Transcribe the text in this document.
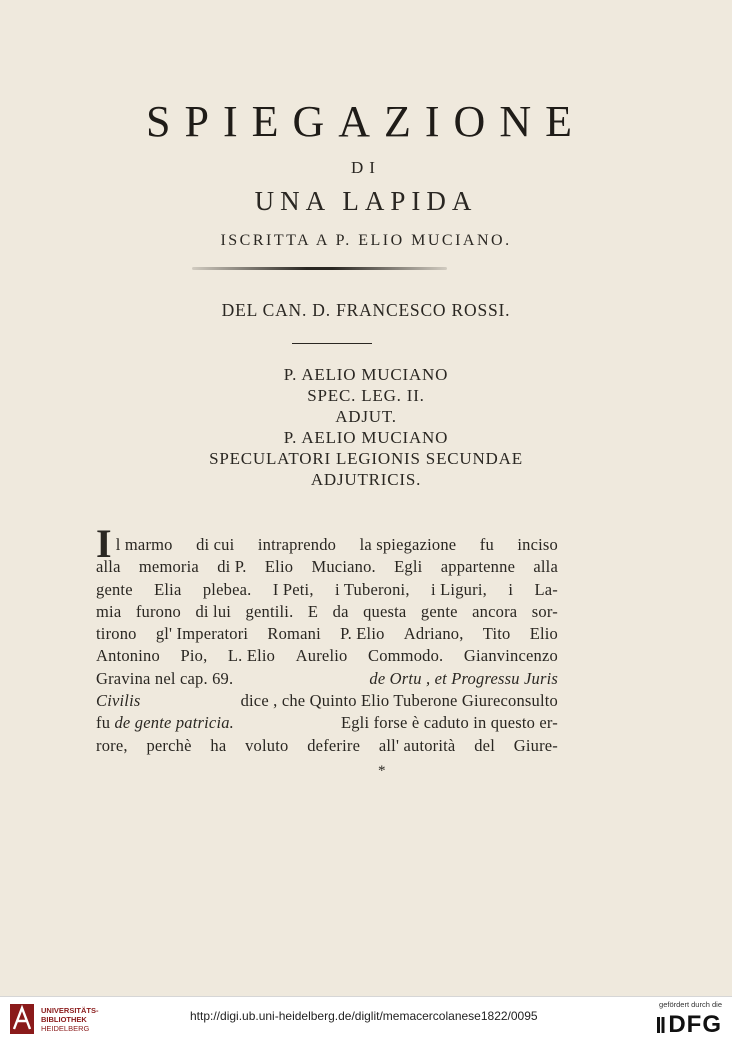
SPIEGAZIONE
DI
UNA LAPIDA
ISCRITTA A P. ELIO MUCIANO.
DEL CAN. D. FRANCESCO ROSSI.
P. AELIO MUCIANO
SPEC. LEG. II.
ADJUT.
P. AELIO MUCIANO
SPECULATORI LEGIONIS SECUNDAE
ADJUTRICIS.
Il marmo di cui intraprendo la spiegazione fu inciso
alla memoria di P. Elio Muciano. Egli appartenne alla
gente Elia plebea. I Peti, i Tuberoni, i Liguri, i La-
mia furono di lui gentili. E da questa gente ancora sor-
tirono gl' Imperatori Romani P. Elio Adriano, Tito Elio
Antonino Pio, L. Elio Aurelio Commodo. Gianvincenzo
Gravina nel cap. 69.	de Ortu , et Progressu Juris
Civilis	dice , che Quinto Elio Tuberone Giureconsulto
fu de gente patricia.	Egli forse è caduto in questo er-
rore, perchè ha voluto deferire all' autorità del Giure-
*
UNIVERSITÄTS-
BIBLIOTHEK
HEIDELBERG
http://digi.ub.uni-heidelberg.de/diglit/memacercolanese1822/0095
gefördert durch die
DFG
